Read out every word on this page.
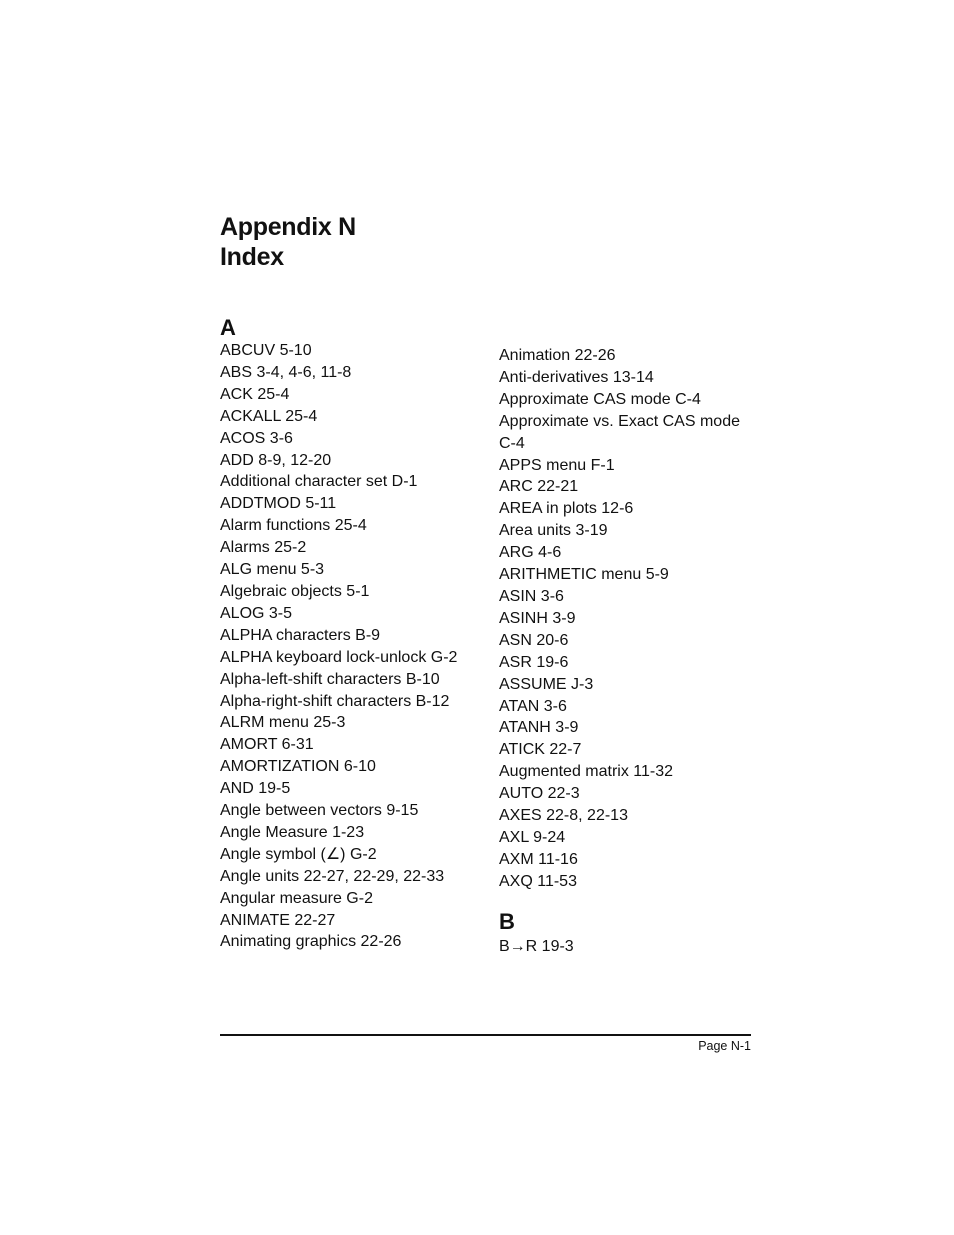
Appendix N
Index
A
ABCUV 5-10
ABS 3-4, 4-6, 11-8
ACK 25-4
ACKALL 25-4
ACOS 3-6
ADD 8-9, 12-20
Additional character set D-1
ADDTMOD 5-11
Alarm functions 25-4
Alarms 25-2
ALG menu 5-3
Algebraic objects 5-1
ALOG 3-5
ALPHA characters B-9
ALPHA keyboard lock-unlock G-2
Alpha-left-shift characters B-10
Alpha-right-shift characters B-12
ALRM menu 25-3
AMORT 6-31
AMORTIZATION 6-10
AND 19-5
Angle between vectors 9-15
Angle Measure 1-23
Angle symbol (∠) G-2
Angle units 22-27, 22-29, 22-33
Angular measure G-2
ANIMATE 22-27
Animating graphics 22-26
Animation 22-26
Anti-derivatives 13-14
Approximate CAS mode C-4
Approximate vs. Exact CAS mode C-4
APPS menu F-1
ARC 22-21
AREA in plots 12-6
Area units 3-19
ARG 4-6
ARITHMETIC menu 5-9
ASIN 3-6
ASINH 3-9
ASN 20-6
ASR 19-6
ASSUME J-3
ATAN 3-6
ATANH 3-9
ATICK 22-7
Augmented matrix 11-32
AUTO 22-3
AXES 22-8, 22-13
AXL 9-24
AXM 11-16
AXQ 11-53
B
B→R 19-3
Page N-1
